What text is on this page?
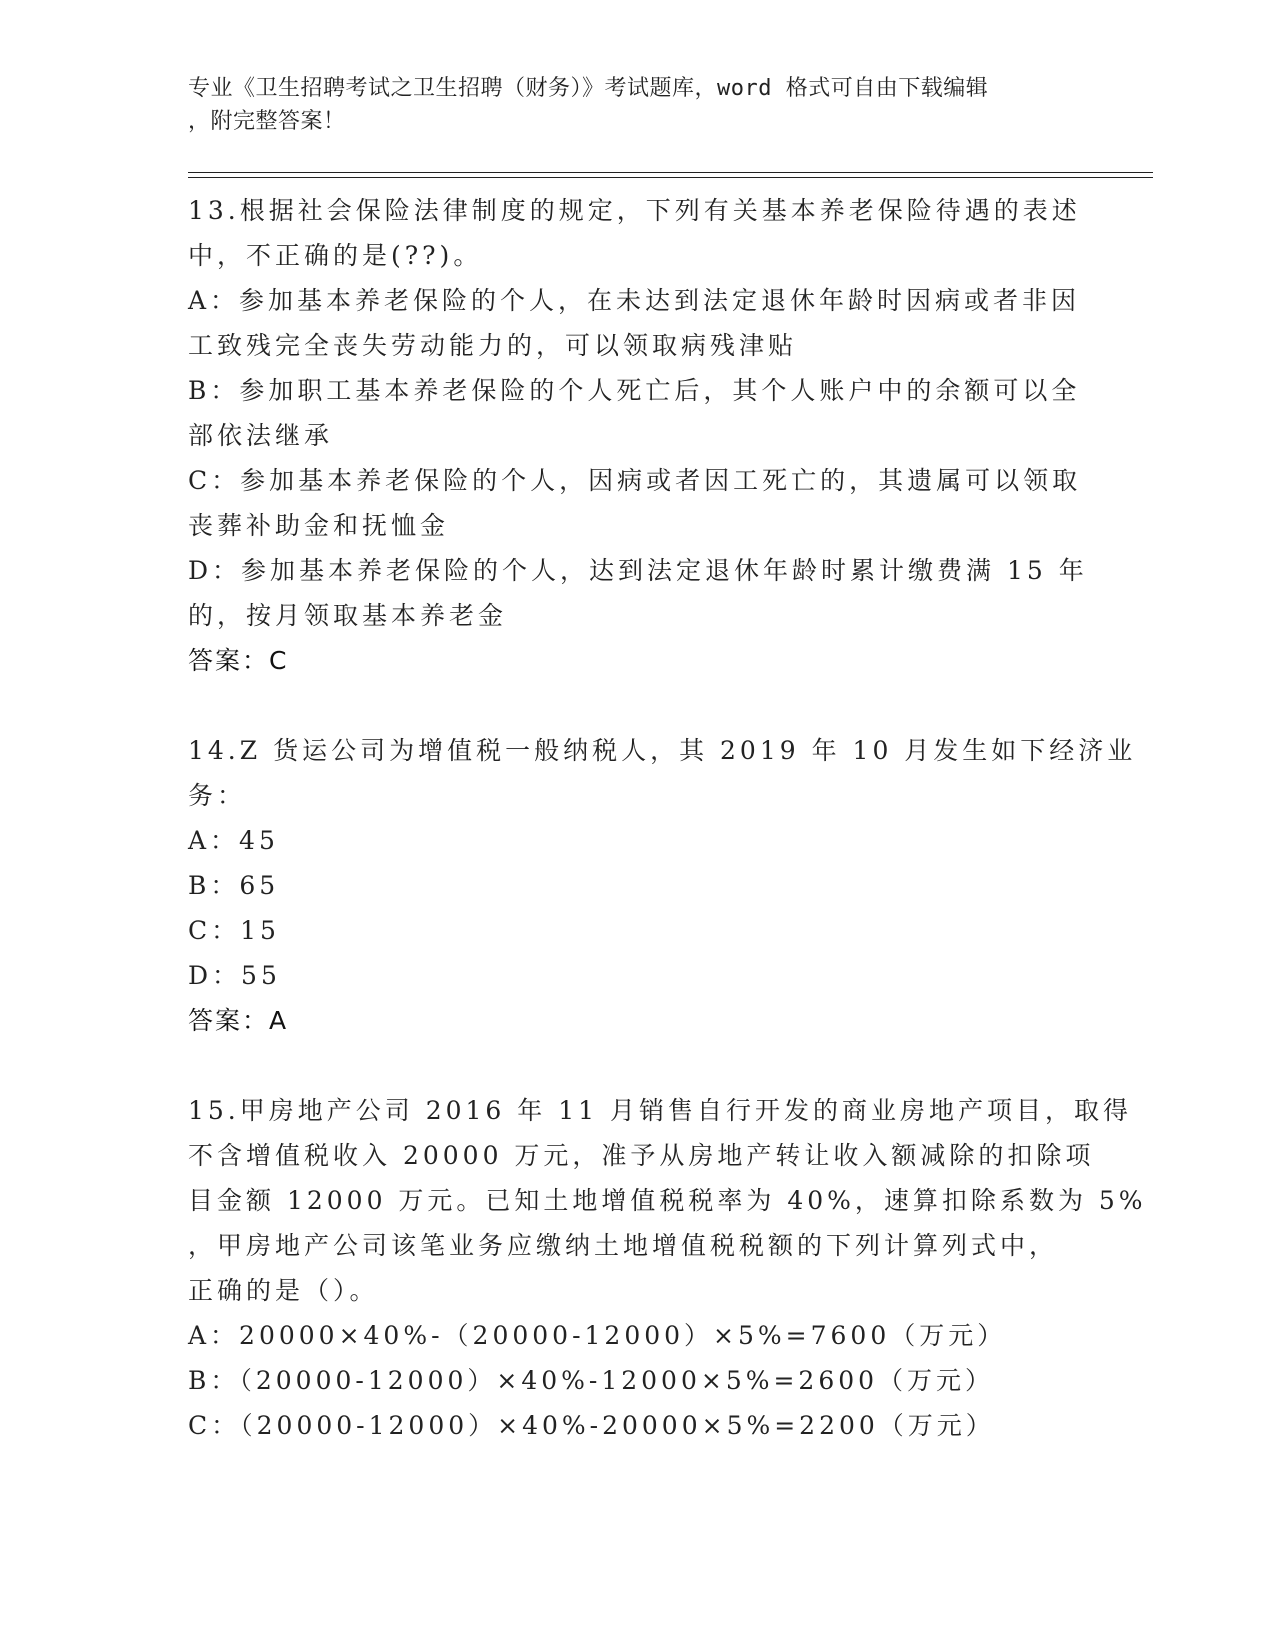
专业《卫生招聘考试之卫生招聘（财务）》考试题库，word 格式可自由下载编辑
，附完整答案！
13.根据社会保险法律制度的规定，下列有关基本养老保险待遇的表述
中，不正确的是(??)。
A：参加基本养老保险的个人，在未达到法定退休年龄时因病或者非因
工致残完全丧失劳动能力的，可以领取病残津贴
B：参加职工基本养老保险的个人死亡后，其个人账户中的余额可以全
部依法继承
C：参加基本养老保险的个人，因病或者因工死亡的，其遗属可以领取
丧葬补助金和抚恤金
D：参加基本养老保险的个人，达到法定退休年龄时累计缴费满 15 年
的，按月领取基本养老金
答案：C
14.Z 货运公司为增值税一般纳税人，其 2019 年 10 月发生如下经济业
务：
A：45
B：65
C：15
D：55
答案：A
15.甲房地产公司 2016 年 11 月销售自行开发的商业房地产项目，取得
不含增值税收入 20000 万元，准予从房地产转让收入额减除的扣除项
目金额 12000 万元。已知土地增值税税率为 40%，速算扣除系数为 5%
，甲房地产公司该笔业务应缴纳土地增值税税额的下列计算列式中，
正确的是（）。
A：20000×40%-（20000-12000）×5%=7600（万元）
B：（20000-12000）×40%-12000×5%=2600（万元）
C：（20000-12000）×40%-20000×5%=2200（万元）
